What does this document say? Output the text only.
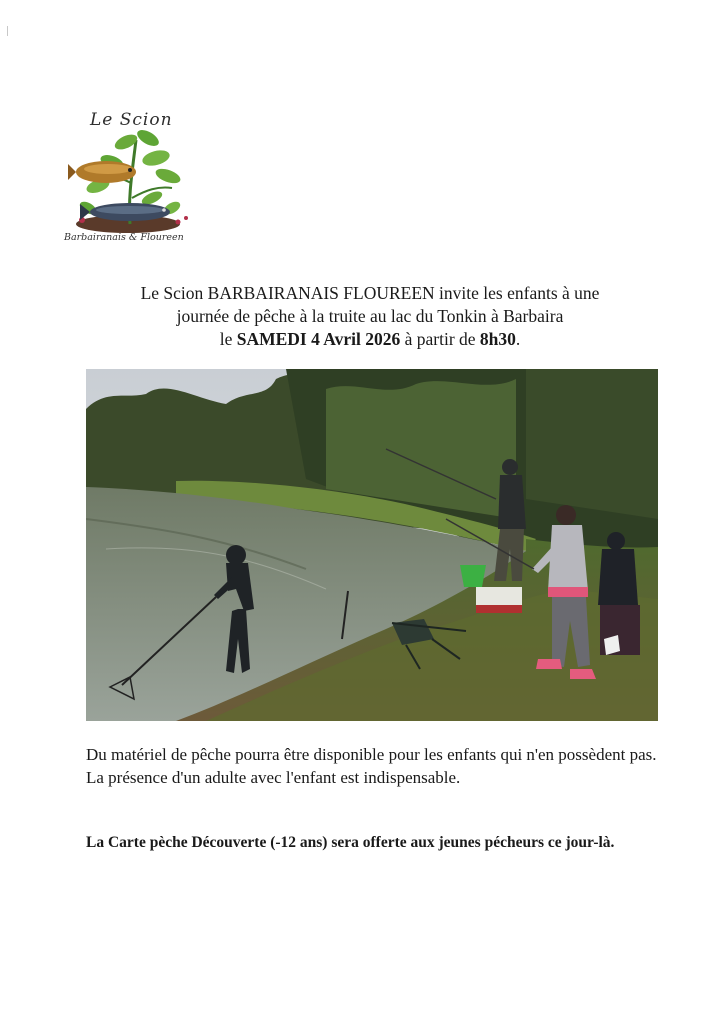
Le Scion
Barbairanais & Floureen

Le Scion BARBAIRANAIS FLOUREEN invite les enfants à une

journée de pêche à la truite au lac du Tonkin à Barbaira

le SAMEDI 4 Avril 2026 à partir de 8h30.

Du matériel de pêche pourra être disponible pour les enfants qui n'en possèdent pas.

La présence d'un adulte avec l'enfant est indispensable.

La Carte pèche Découverte (-12 ans) sera offerte aux jeunes pécheurs ce jour-là.
